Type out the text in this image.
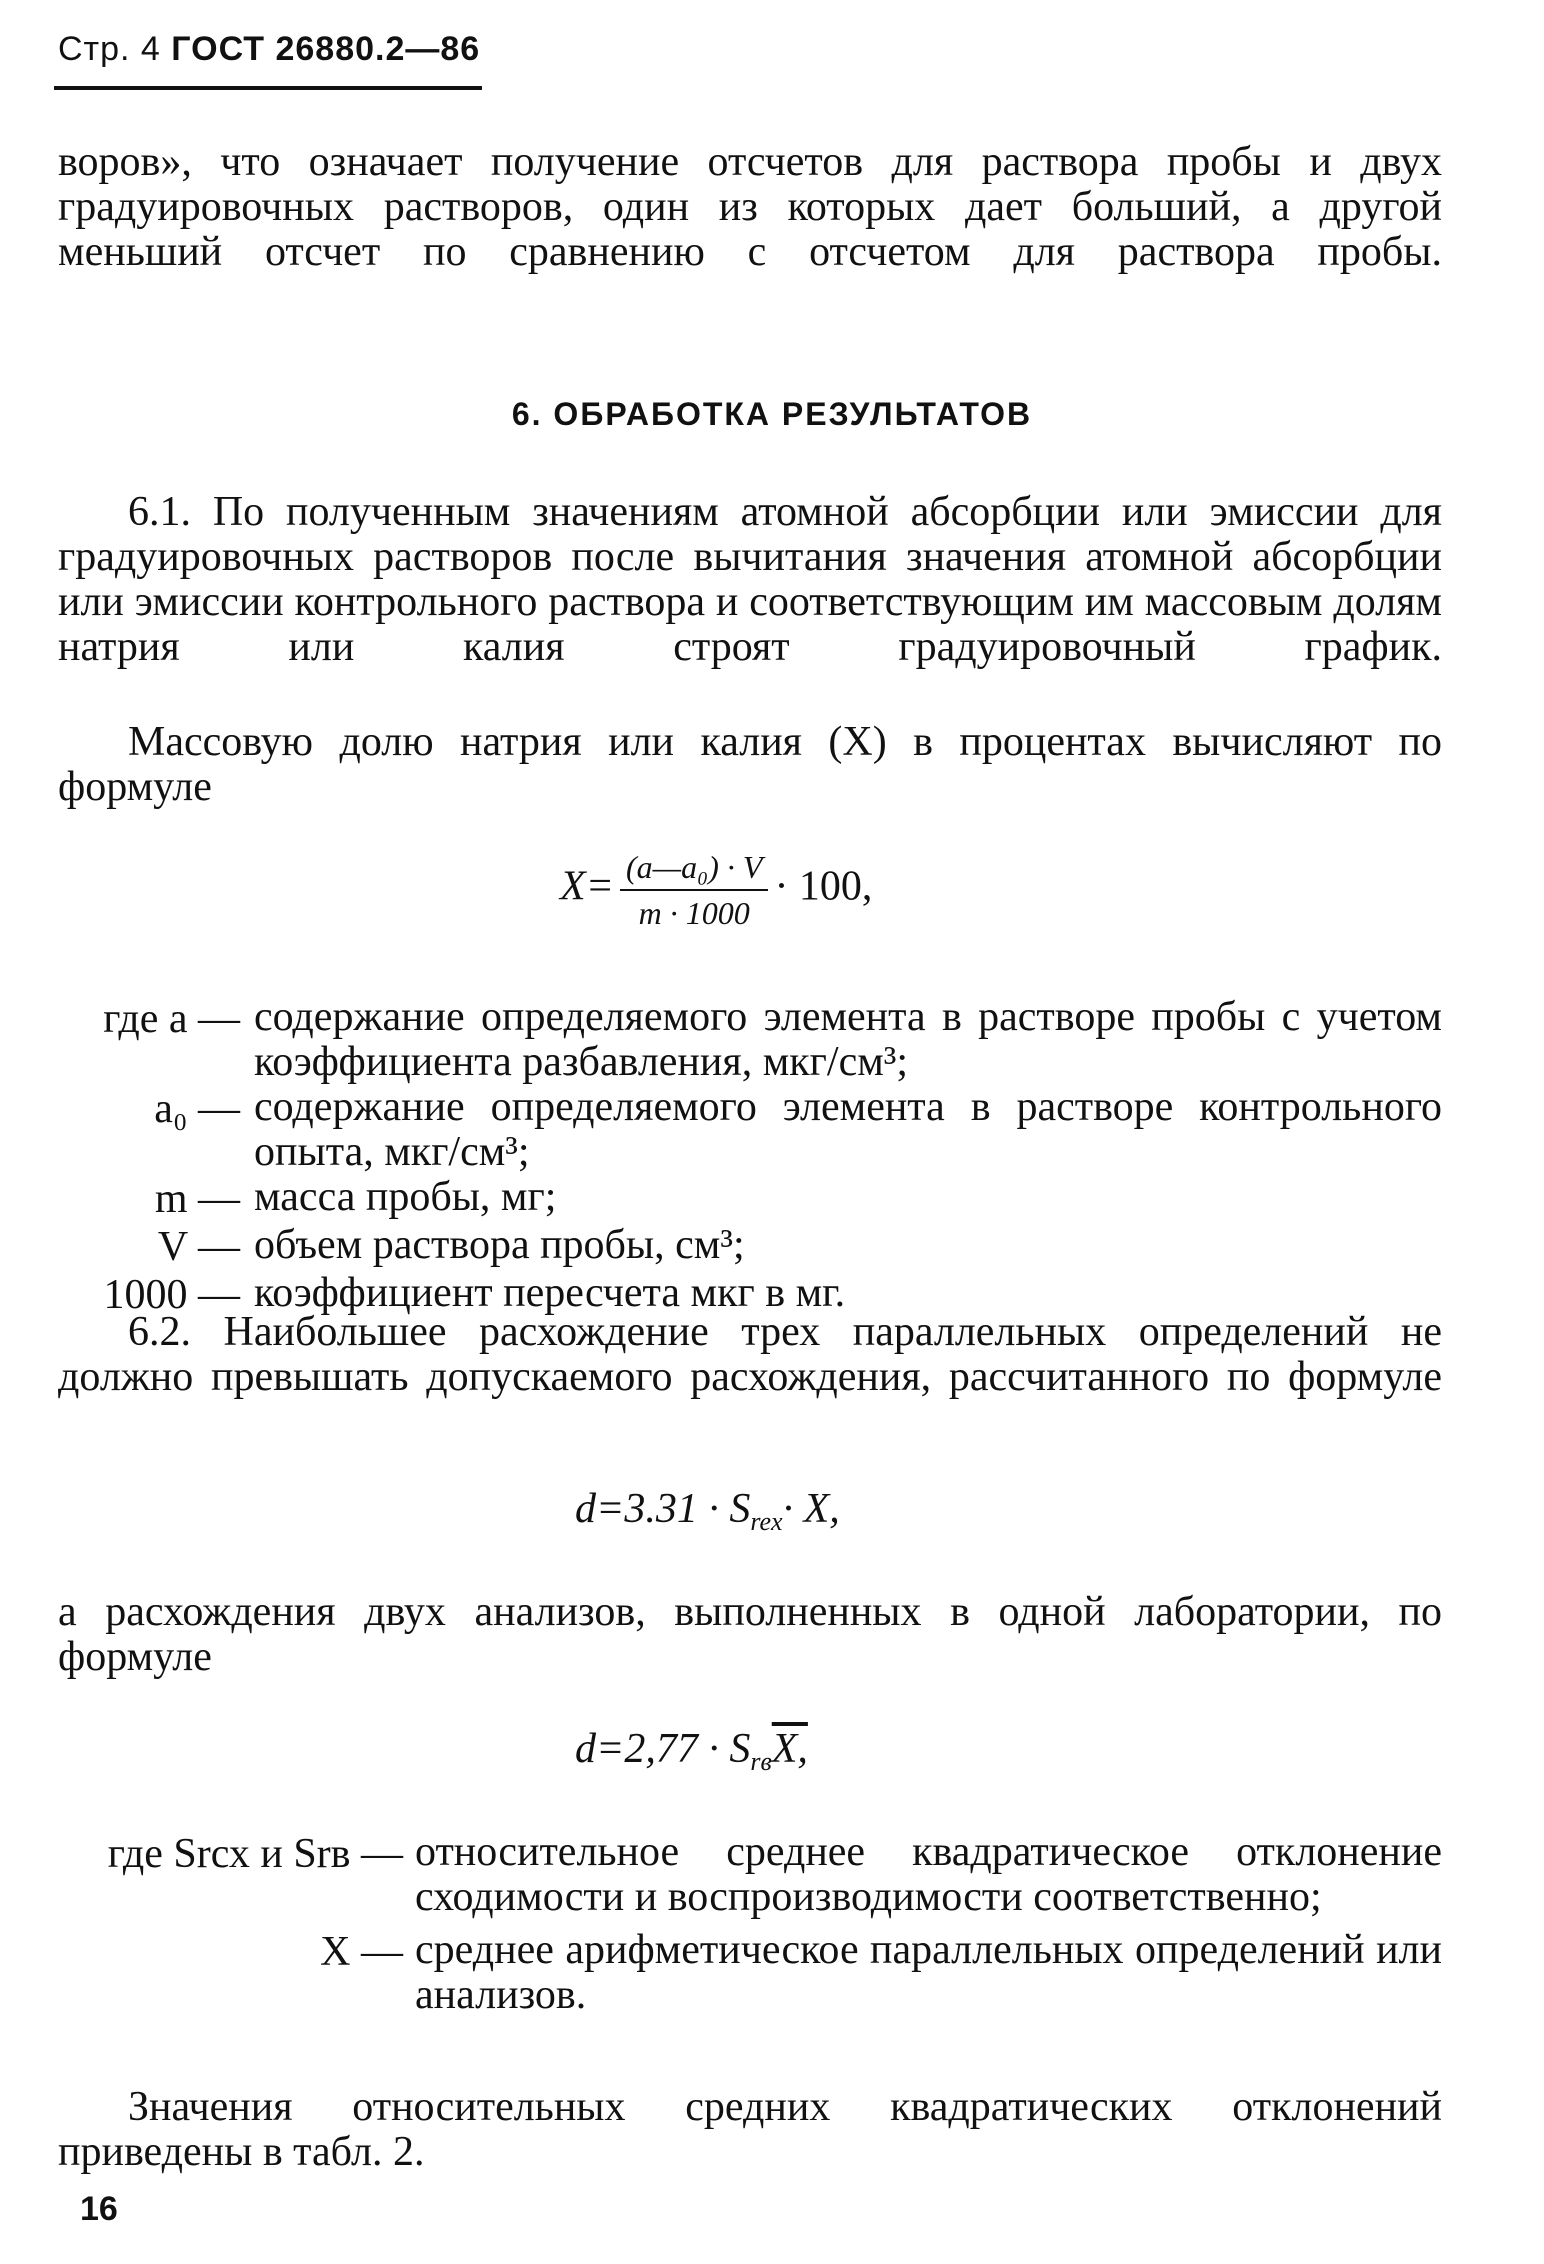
Стр. 4 ГОСТ 26880.2—86
воров», что означает получение отсчетов для раствора пробы и двух градуировочных растворов, один из которых дает больший, а другой меньший отсчет по сравнению с отсчетом для раствора пробы.
6. ОБРАБОТКА РЕЗУЛЬТАТОВ
6.1. По полученным значениям атомной абсорбции или эмиссии для градуировочных растворов после вычитания значения атомной абсорбции или эмиссии контрольного раствора и соответствующим им массовым долям натрия или калия строят градуировочный график.
Массовую долю натрия или калия (X) в процентах вычисляют по формуле
$X= \frac{\text{(a—a₀) · V}}{m \cdot 1000} \cdot 100$,
где a — содержание определяемого элемента в растворе пробы с учетом коэффициента разбавления, мкг/см³;
a₀ — содержание определяемого элемента в растворе контрольного опыта, мкг/см³;
m — масса пробы, мг;
V — объем раствора пробы, см³;
1000 — коэффициент пересчета мкг в мг.
6.2. Наибольшее расхождение трех параллельных определений не должно превышать допускаемого расхождения, рассчитанного по формуле
$d=3.31 \cdot S_{rex}\cdot X$,
а расхождения двух анализов, выполненных в одной лаборатории, по формуле
$d=2,77 \cdot S_{rв}X$,
где Srсх и Srв — относительное среднее квадратическое отклонение сходимости и воспроизводимости соответственно;
X — среднее арифметическое параллельных определений или анализов.
Значения относительных средних квадратических отклонений приведены в табл. 2.
16
